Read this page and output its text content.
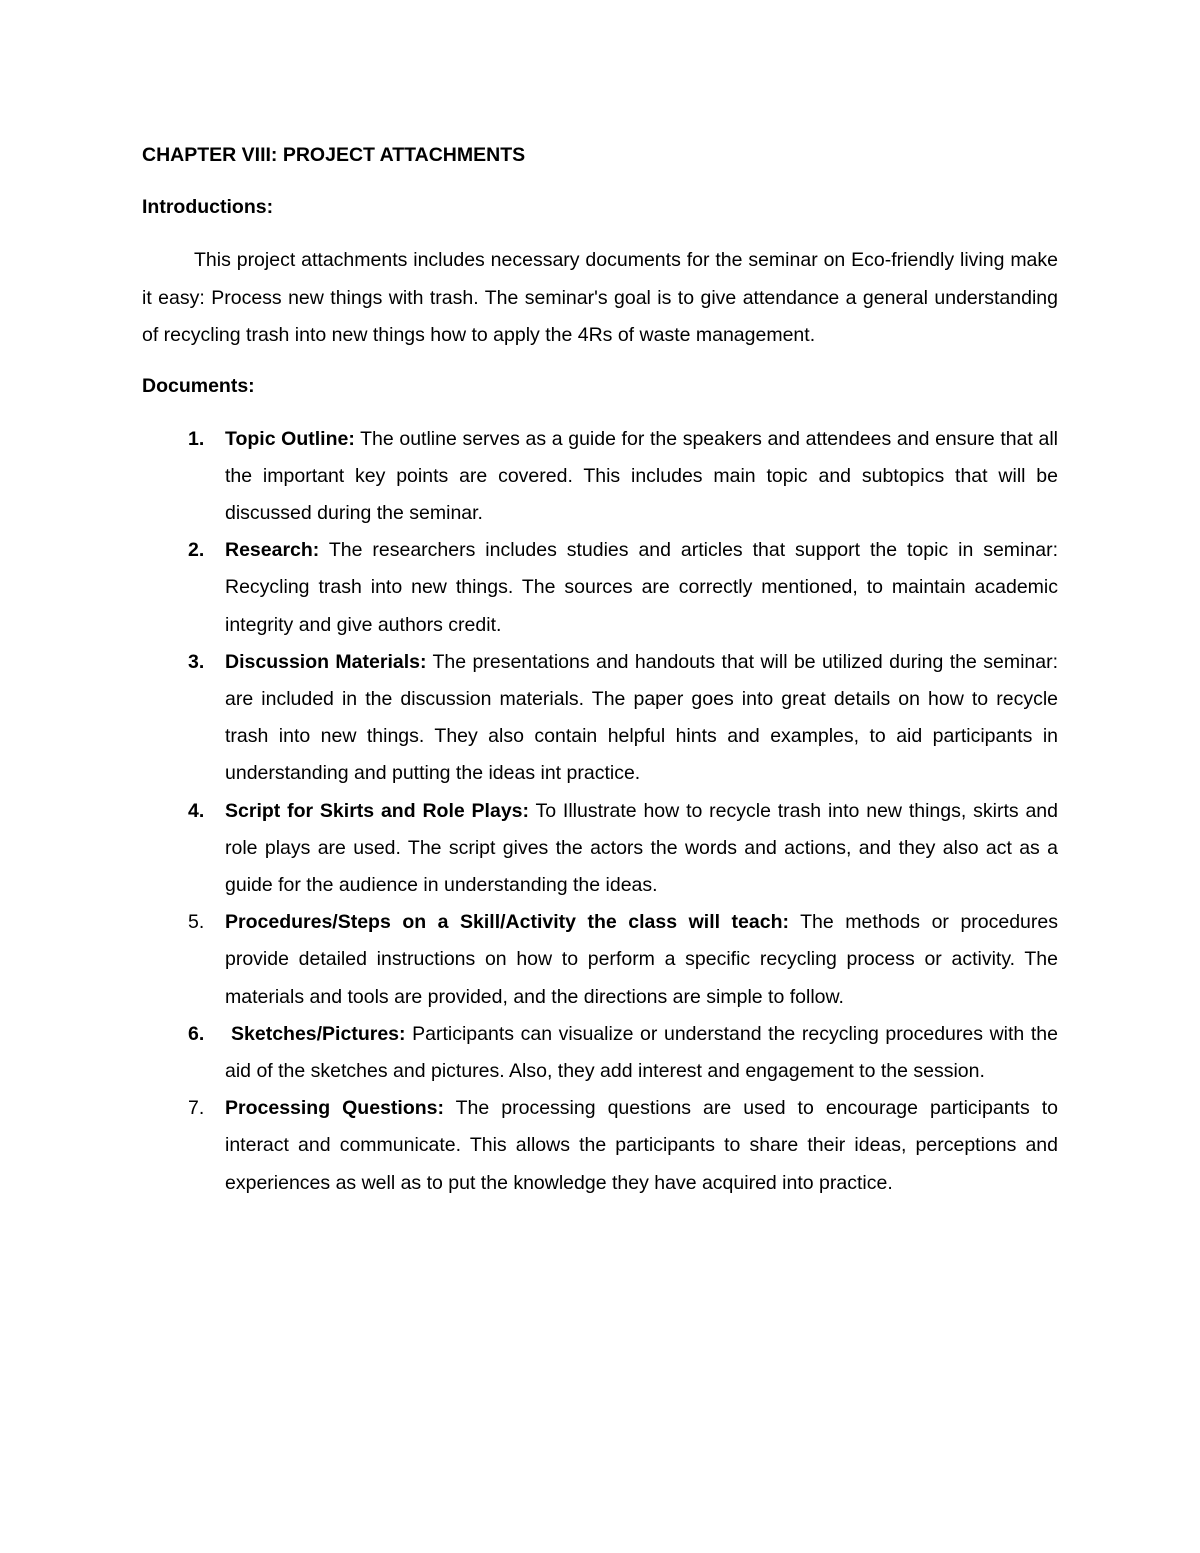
CHAPTER VIII: PROJECT ATTACHMENTS
Introductions:

This project attachments includes necessary documents for the seminar on Eco-friendly living make it easy: Process new things with trash. The seminar's goal is to give attendance a general understanding of recycling trash into new things how to apply the 4Rs of waste management.

Documents:
1. Topic Outline: The outline serves as a guide for the speakers and attendees and ensure that all the important key points are covered. This includes main topic and subtopics that will be discussed during the seminar.
2. Research: The researchers includes studies and articles that support the topic in seminar: Recycling trash into new things. The sources are correctly mentioned, to maintain academic integrity and give authors credit.
3. Discussion Materials: The presentations and handouts that will be utilized during the seminar: are included in the discussion materials. The paper goes into great details on how to recycle trash into new things. They also contain helpful hints and examples, to aid participants in understanding and putting the ideas int practice.
4. Script for Skirts and Role Plays: To Illustrate how to recycle trash into new things, skirts and role plays are used. The script gives the actors the words and actions, and they also act as a guide for the audience in understanding the ideas.
5. Procedures/Steps on a Skill/Activity the class will teach: The methods or procedures provide detailed instructions on how to perform a specific recycling process or activity. The materials and tools are provided, and the directions are simple to follow.
6. Sketches/Pictures: Participants can visualize or understand the recycling procedures with the aid of the sketches and pictures. Also, they add interest and engagement to the session.
7. Processing Questions: The processing questions are used to encourage participants to interact and communicate. This allows the participants to share their ideas, perceptions and experiences as well as to put the knowledge they have acquired into practice.
